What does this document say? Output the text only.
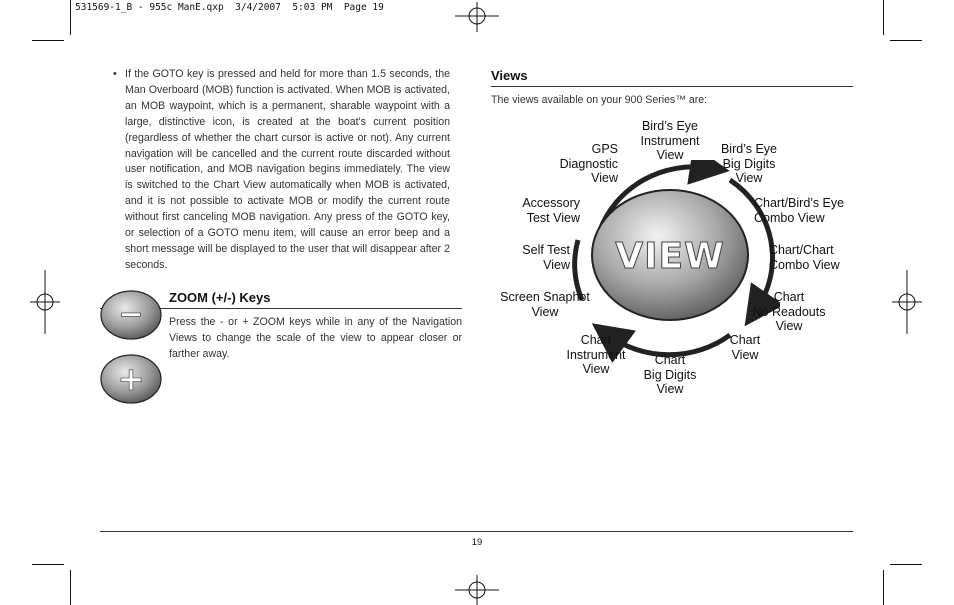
531569-1_B - 955c ManE.qxp  3/4/2007  5:03 PM  Page 19
• If the GOTO key is pressed and held for more than 1.5 seconds, the Man Overboard (MOB) function is activated. When MOB is activated, an MOB waypoint, which is a permanent, sharable waypoint with a large, distinctive icon, is created at the boat's current position (regardless of whether the chart cursor is active or not). Any current navigation will be cancelled and the current route discarded without user notification, and MOB navigation begins immediately. The view is switched to the Chart View automatically when MOB is activated, and it is not possible to activate MOB or modify the current route without first canceling MOB navigation. Any press of the GOTO key, or selection of a GOTO menu item, will cause an error beep and a short message will be displayed to the user that will disappear after 2 seconds.
ZOOM (+/-) Keys
Press the - or + ZOOM keys while in any of the Navigation Views to change the scale of the view to appear closer or farther away.
−
+
Views
The views available on your 900 Series™ are:
VIEW
Bird’s Eye
Instrument
View	Bird’s Eye
Big Digits
View
Chart/Bird’s Eye
Combo View
Chart/Chart
Combo View
Chart
No Readouts
View
Chart
View
Chart
Big Digits
View
Chart
Instrument
View
Screen Snaphot
View
Self Test
View
Accessory
Test View
GPS
Diagnostic
View
19
